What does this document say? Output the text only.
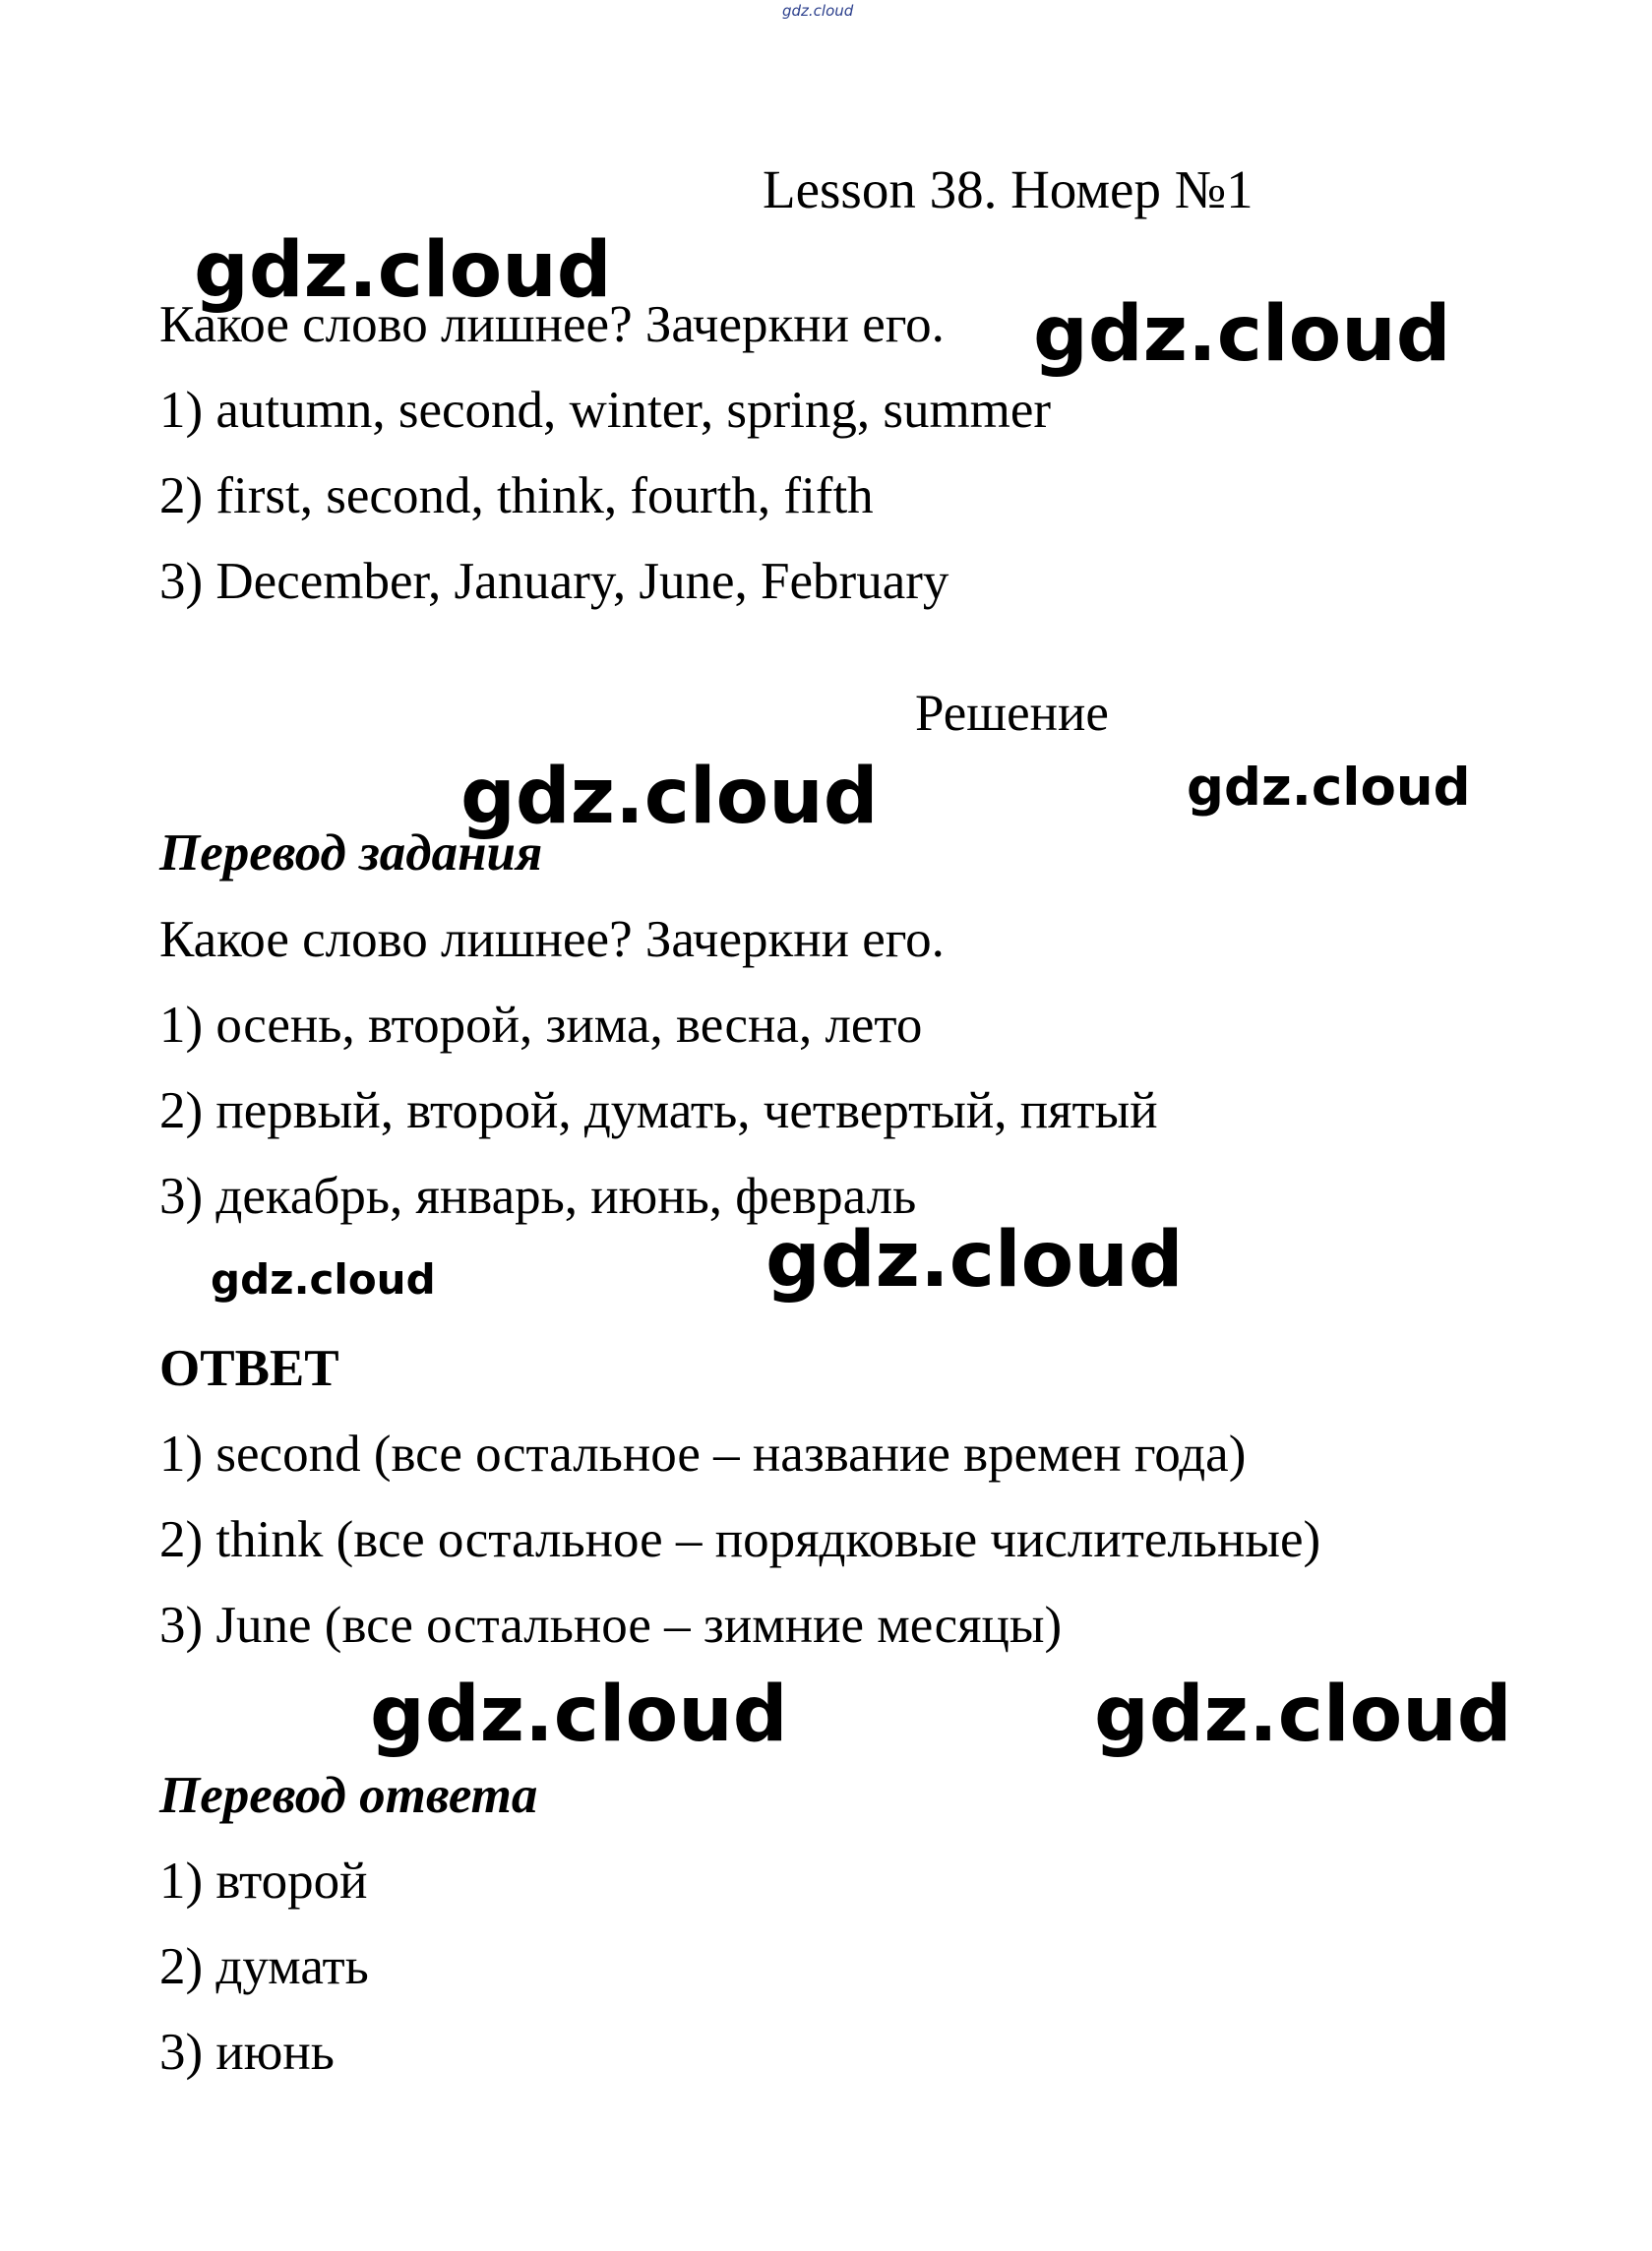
gdz.cloud
Lesson 38. Номер №1
gdz.cloud
gdz.cloud
gdz.cloud	gdz.cloud
gdz.cloud	gdz.cloud
gdz.cloud	gdz.cloud
Какое слово лишнее? Зачеркни его.
1) autumn, second, winter, spring, summer
2) first, second, think, fourth, fifth
3) December, January, June, February
Решение
Перевод задания
Какое слово лишнее? Зачеркни его.
1) осень, второй, зима, весна, лето
2) первый, второй, думать, четвертый, пятый
3) декабрь, январь, июнь, февраль
ОТВЕТ
1) second (все остальное – название времен года)
2) think (все остальное – порядковые числительные)
3) June (все остальное – зимние месяцы)
Перевод ответа
1) второй
2) думать
3) июнь
